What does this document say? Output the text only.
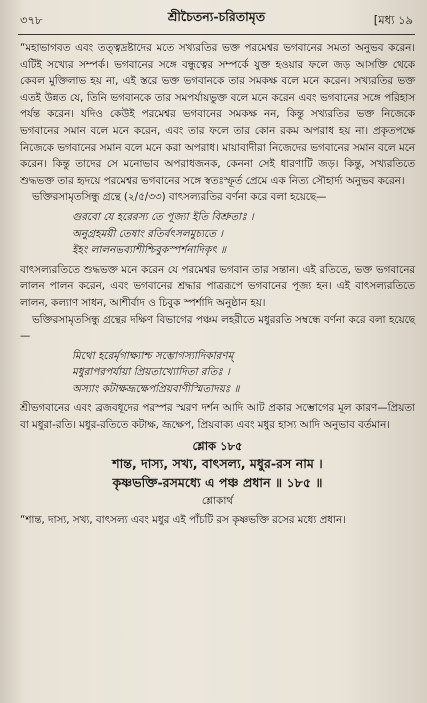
৩৭৮	শ্রীচৈতন্য-চরিতামৃত	[মধ্য ১৯

“মহাভাগবত এবং তত্ত্বদ্রষ্টাদের মতে সখ্যরতির ভক্ত পরমেশ্বর ভগবানের সমতা অনুভব করেন। এটিই সখ্যের সম্পর্ক। ভগবানের সঙ্গে বন্ধুত্বের সম্পর্কে যুক্ত হওয়ার ফলে জড় আসক্তি থেকে কেবল মুক্তিলাভ হয় না, এই স্তরে ভক্ত ভগবানকে তার সমকক্ষ বলে মনে করেন। সখ্যরতির ভক্ত এতই উন্নত যে, তিনি ভগবানকে তার সমপর্যায়ভুক্ত বলে মনে করেন এবং ভগবানের সঙ্গে পরিহাস পর্যন্ত করেন। যদিও কেউই পরমেশ্বর ভগবানের সমকক্ষ নন, কিন্তু সখ্যরতির ভক্ত নিজেকে ভগবানের সমান বলে মনে করেন, এবং তার ফলে তার কোন রকম অপরাধ হয় না। প্রকৃতপক্ষে নিজেকে ভগবানের সমান বলে মনে করা অপরাধ। মায়াবাদীরা নিজেদের ভগবানের সমান বলে মনে করেন। কিন্তু তাদের সে মনোভাব অপরাধজনক, কেননা সেই ধারণাটি জড়। কিন্তু, সখ্যরতিতে শুদ্ধভক্ত তার হৃদয়ে পরমেশ্বর ভগবানের সঙ্গে স্বতঃস্ফূর্ত প্রেমে এক নিত্য সৌহার্দ্য অনুভব করেন।

ভক্তিরসামৃতসিন্ধু গ্রন্থে (২/৫/৩৩) বাৎসল্যরতির বর্ণনা করে বলা হয়েছে—

গুরবো যে হরেরস্য তে পূজ্যা ইতি বিশ্রুতাঃ ।
অনুগ্রহময়ী তেষাং রতির্বৎসলমুচ্যতে ।
ইহং লালনভব্যাশীশ্চিবুকস্পর্শনাদিকৃৎ ॥

বাৎসল্যরতিতে শুদ্ধভক্ত মনে করেন যে পরমেশ্বর ভগবান তার সন্তান। এই রতিতে, ভক্ত ভগবানের লালন পালন করেন, এবং ভগবানের শ্রদ্ধার পাত্ররূপে ভগবানের পূজ্য হন। এই বাৎসল্যরতিতে লালন, কল্যাণ সাধন, আশীর্বাদ ও চিবুক স্পর্শাদি অনুষ্ঠান হয়।

ভক্তিরসামৃতসিন্ধু গ্রন্থের দক্ষিণ বিভাগের পঞ্চম লহরীতে মধুররতি সম্বন্ধে বর্ণনা করে বলা হয়েছে—

মিথো হরের্মৃগাক্ষ্যাশ্চ সম্ভোগস্যাদিকারণম্
মধুরাপরপর্যায়া প্রিয়তাখ্যোদিতা রতিঃ ।
অস্যাং কটাক্ষভ্রূক্ষেপপ্রিয়বাণীস্মিতাদয়ঃ ॥

শ্রীভগবানের এবং ব্রজবধূদের পরস্পর স্মরণ দর্শন আদি আট প্রকার সম্ভোগের মূল কারণ—প্রিয়তা বা মধুরা-রতি। মধুর-রতিতে কটাক্ষ, ভ্রূক্ষেপ, প্রিয়বাক্য এবং মধুর হাস্য আদি অনুভাব বর্তমান।

শ্লোক ১৮৫
শান্ত, দাস্য, সখ্য, বাৎসল্য, মধুর-রস নাম ।
কৃষ্ণভক্তি-রসমধ্যে এ পঞ্চ প্রধান ॥ ১৮৫ ॥
শ্লোকার্থ

“শান্ত, দাস্য, সখ্য, বাৎসল্য এবং মধুর এই পাঁচটি রস কৃষ্ণভক্তি রসের মধ্যে প্রধান।
